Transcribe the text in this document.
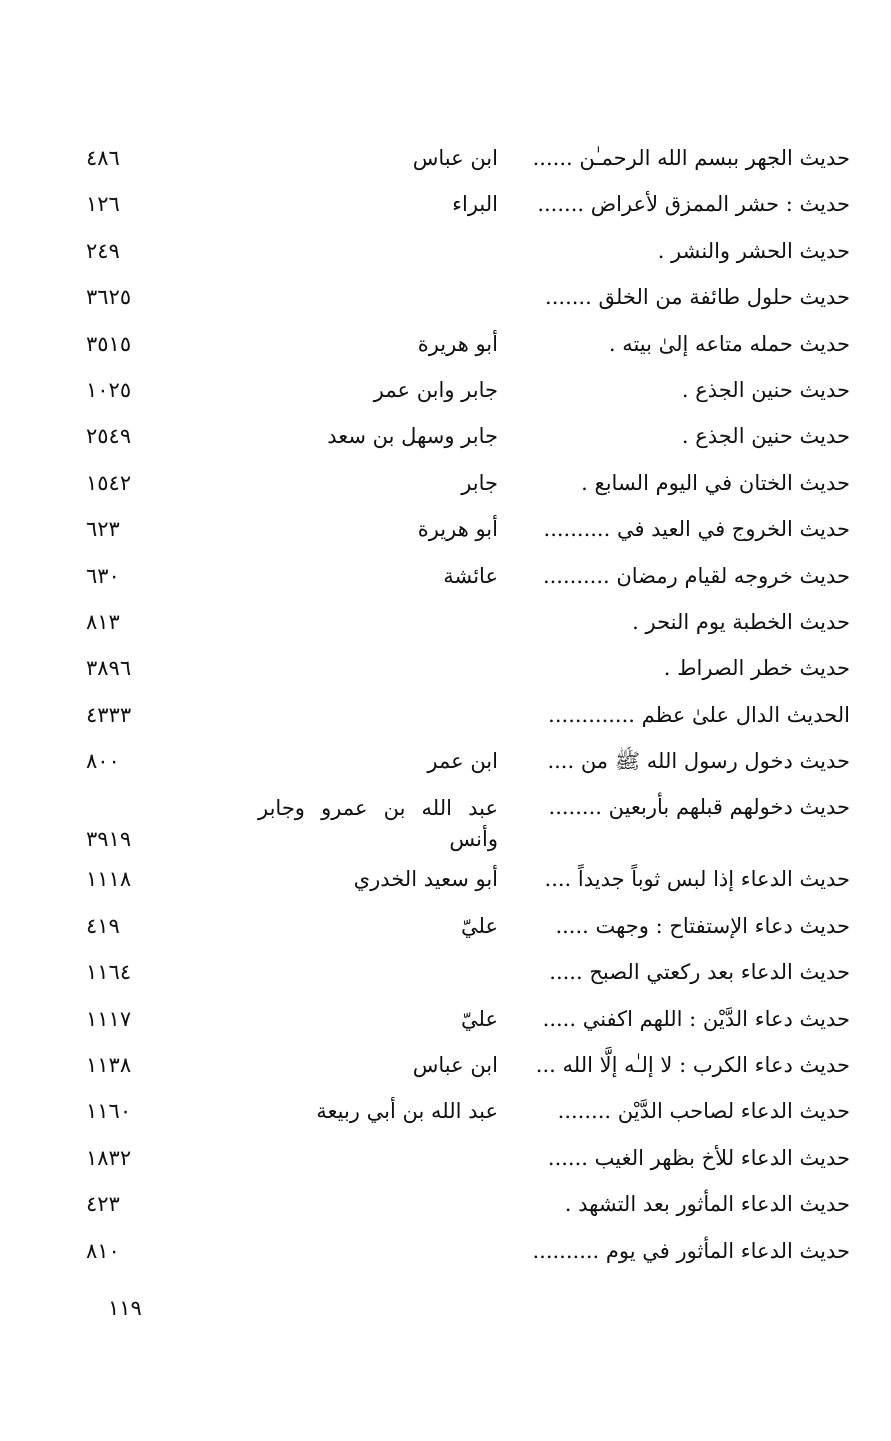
حديث الجهر ببسم الله الرحمـٰن ......
ابن عباس
٤٨٦
حديث : حشر الممزق لأعراض .......
البراء
١٢٦
حديث الحشر والنشر .
٢٤٩
حديث حلول طائفة من الخلق .......
٣٦٢٥
حديث حمله متاعه إلىٰ بيته .
أبو هريرة
٣٥١٥
حديث حنين الجذع .
جابر وابن عمر
١٠٢٥
حديث حنين الجذع .
جابر وسهل بن سعد
٢٥٤٩
حديث الختان في اليوم السابع .
جابر
١٥٤٢
حديث الخروج في العيد في ..........
أبو هريرة
٦٢٣
حديث خروجه لقيام رمضان ..........
عائشة
٦٣٠
حديث الخطبة يوم النحر .
٨١٣
حديث خطر الصراط .
٣٨٩٦
الحديث الدال علىٰ عظم .............
٤٣٣٣
حديث دخول رسول الله ﷺ من ....
ابن عمر
٨٠٠
حديث دخولهم قبلهم بأربعين ........
عبد الله بن عمرو وجابر وأنس
٣٩١٩
حديث الدعاء إذا لبس ثوباً جديداً ....
أبو سعيد الخدري
١١١٨
حديث دعاء الإستفتاح : وجهت .....
عليّ
٤١٩
حديث الدعاء بعد ركعتي الصبح .....
١١٦٤
حديث دعاء الدَّيْن : اللهم اكفني .....
عليّ
١١١٧
حديث دعاء الكرب : لا إلـٰه إلَّا الله ...
ابن عباس
١١٣٨
حديث الدعاء لصاحب الدَّيْن ........
عبد الله بن أبي ربيعة
١١٦٠
حديث الدعاء للأخ بظهر الغيب ......
١٨٣٢
حديث الدعاء المأثور بعد التشهد .
٤٢٣
حديث الدعاء المأثور في يوم ..........
٨١٠
١١٩
